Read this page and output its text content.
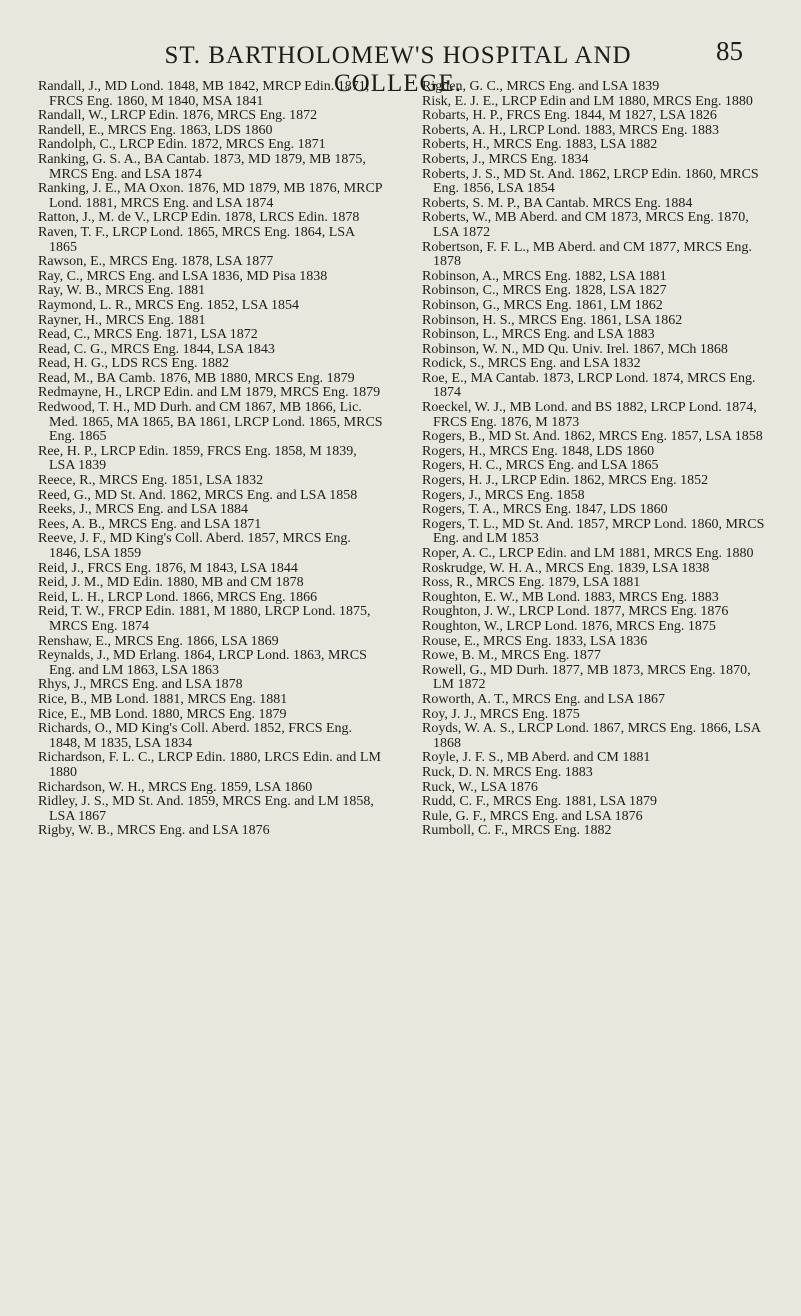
ST. BARTHOLOMEW'S HOSPITAL AND COLLEGE.
85

Randall, J., MD Lond. 1848, MB 1842, MRCP Edin. 1871, FRCS Eng. 1860, M 1840, MSA 1841

Randall, W., LRCP Edin. 1876, MRCS Eng. 1872

Randell, E., MRCS Eng. 1863, LDS 1860

Randolph, C., LRCP Edin. 1872, MRCS Eng. 1871

Ranking, G. S. A., BA Cantab. 1873, MD 1879, MB 1875, MRCS Eng. and LSA 1874

Ranking, J. E., MA Oxon. 1876, MD 1879, MB 1876, MRCP Lond. 1881, MRCS Eng. and LSA 1874

Ratton, J., M. de V., LRCP Edin. 1878, LRCS Edin. 1878

Raven, T. F., LRCP Lond. 1865, MRCS Eng. 1864, LSA 1865

Rawson, E., MRCS Eng. 1878, LSA 1877

Ray, C., MRCS Eng. and LSA 1836, MD Pisa 1838

Ray, W. B., MRCS Eng. 1881

Raymond, L. R., MRCS Eng. 1852, LSA 1854

Rayner, H., MRCS Eng. 1881

Read, C., MRCS Eng. 1871, LSA 1872

Read, C. G., MRCS Eng. 1844, LSA 1843

Read, H. G., LDS RCS Eng. 1882

Read, M., BA Camb. 1876, MB 1880, MRCS Eng. 1879

Redmayne, H., LRCP Edin. and LM 1879, MRCS Eng. 1879

Redwood, T. H., MD Durh. and CM 1867, MB 1866, Lic. Med. 1865, MA 1865, BA 1861, LRCP Lond. 1865, MRCS Eng. 1865

Ree, H. P., LRCP Edin. 1859, FRCS Eng. 1858, M 1839, LSA 1839

Reece, R., MRCS Eng. 1851, LSA 1832

Reed, G., MD St. And. 1862, MRCS Eng. and LSA 1858

Reeks, J., MRCS Eng. and LSA 1884

Rees, A. B., MRCS Eng. and LSA 1871

Reeve, J. F., MD King's Coll. Aberd. 1857, MRCS Eng. 1846, LSA 1859

Reid, J., FRCS Eng. 1876, M 1843, LSA 1844

Reid, J. M., MD Edin. 1880, MB and CM 1878

Reid, L. H., LRCP Lond. 1866, MRCS Eng. 1866

Reid, T. W., FRCP Edin. 1881, M 1880, LRCP Lond. 1875, MRCS Eng. 1874

Renshaw, E., MRCS Eng. 1866, LSA 1869

Reynalds, J., MD Erlang. 1864, LRCP Lond. 1863, MRCS Eng. and LM 1863, LSA 1863

Rhys, J., MRCS Eng. and LSA 1878

Rice, B., MB Lond. 1881, MRCS Eng. 1881

Rice, E., MB Lond. 1880, MRCS Eng. 1879

Richards, O., MD King's Coll. Aberd. 1852, FRCS Eng. 1848, M 1835, LSA 1834

Richardson, F. L. C., LRCP Edin. 1880, LRCS Edin. and LM 1880

Richardson, W. H., MRCS Eng. 1859, LSA 1860

Ridley, J. S., MD St. And. 1859, MRCS Eng. and LM 1858, LSA 1867

Rigby, W. B., MRCS Eng. and LSA 1876

Rigden, G. C., MRCS Eng. and LSA 1839

Risk, E. J. E., LRCP Edin and LM 1880, MRCS Eng. 1880

Robarts, H. P., FRCS Eng. 1844, M 1827, LSA 1826

Roberts, A. H., LRCP Lond. 1883, MRCS Eng. 1883

Roberts, H., MRCS Eng. 1883, LSA 1882

Roberts, J., MRCS Eng. 1834

Roberts, J. S., MD St. And. 1862, LRCP Edin. 1860, MRCS Eng. 1856, LSA 1854

Roberts, S. M. P., BA Cantab. MRCS Eng. 1884

Roberts, W., MB Aberd. and CM 1873, MRCS Eng. 1870, LSA 1872

Robertson, F. F. L., MB Aberd. and CM 1877, MRCS Eng. 1878

Robinson, A., MRCS Eng. 1882, LSA 1881

Robinson, C., MRCS Eng. 1828, LSA 1827

Robinson, G., MRCS Eng. 1861, LM 1862

Robinson, H. S., MRCS Eng. 1861, LSA 1862

Robinson, L., MRCS Eng. and LSA 1883

Robinson, W. N., MD Qu. Univ. Irel. 1867, MCh 1868

Rodick, S., MRCS Eng. and LSA 1832

Roe, E., MA Cantab. 1873, LRCP Lond. 1874, MRCS Eng. 1874

Roeckel, W. J., MB Lond. and BS 1882, LRCP Lond. 1874, FRCS Eng. 1876, M 1873

Rogers, B., MD St. And. 1862, MRCS Eng. 1857, LSA 1858

Rogers, H., MRCS Eng. 1848, LDS 1860

Rogers, H. C., MRCS Eng. and LSA 1865

Rogers, H. J., LRCP Edin. 1862, MRCS Eng. 1852

Rogers, J., MRCS Eng. 1858

Rogers, T. A., MRCS Eng. 1847, LDS 1860

Rogers, T. L., MD St. And. 1857, MRCP Lond. 1860, MRCS Eng. and LM 1853

Roper, A. C., LRCP Edin. and LM 1881, MRCS Eng. 1880

Roskrudge, W. H. A., MRCS Eng. 1839, LSA 1838

Ross, R., MRCS Eng. 1879, LSA 1881

Roughton, E. W., MB Lond. 1883, MRCS Eng. 1883

Roughton, J. W., LRCP Lond. 1877, MRCS Eng. 1876

Roughton, W., LRCP Lond. 1876, MRCS Eng. 1875

Rouse, E., MRCS Eng. 1833, LSA 1836

Rowe, B. M., MRCS Eng. 1877

Rowell, G., MD Durh. 1877, MB 1873, MRCS Eng. 1870, LM 1872

Roworth, A. T., MRCS Eng. and LSA 1867

Roy, J. J., MRCS Eng. 1875

Royds, W. A. S., LRCP Lond. 1867, MRCS Eng. 1866, LSA 1868

Royle, J. F. S., MB Aberd. and CM 1881

Ruck, D. N. MRCS Eng. 1883

Ruck, W., LSA 1876

Rudd, C. F., MRCS Eng. 1881, LSA 1879

Rule, G. F., MRCS Eng. and LSA 1876

Rumboll, C. F., MRCS Eng. 1882
